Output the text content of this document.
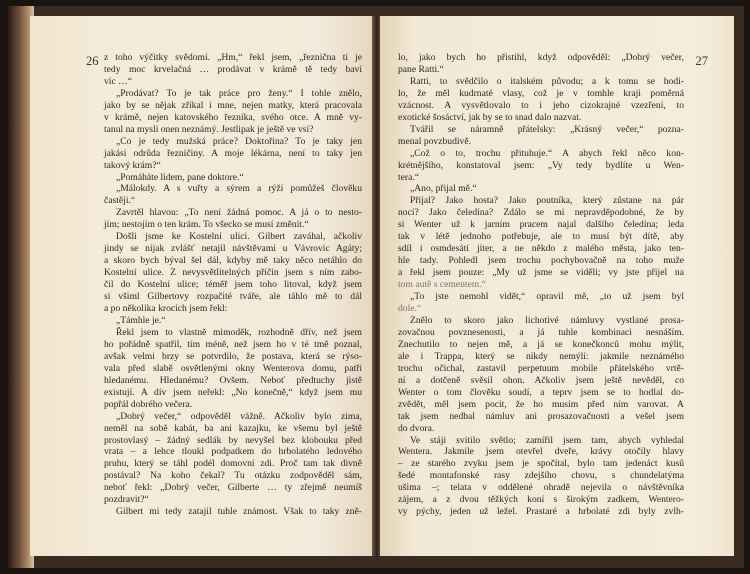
26 z toho výčitky svědomí. „Hm,“ řekl jsem, „řeznična ti je
tedy moc krvelačná … prodávat v krámě tě tedy baví
víc …“
„Prodávat? To je tak práce pro ženy.“ I tohle znělo,
jako by se nějak zříkal i mne, nejen matky, která pracovala
v krámě, nejen katovského řezníka, svého otce. A mně vy-
tanul na mysli onen neznámý. Jestlipak je ještě ve vsi?
„Co je tedy mužská práce? Doktořina? To je taky jen
jakási odrůda řezničiny. A moje lékárna, není to taky jen
takový krám?“
„Pomáháte lidem, pane doktore.“
„Málokdy. A s vuřty a sýrem a rýží pomůžeš člověku
častěji.“
Zavrtěl hlavou: „To není žádná pomoc. A já o to nesto-
jím; nestojím o ten krám. To všecko se musí změnit.“
Došli jsme ke Kostelní ulici. Gilbert zaváhal, ačkoliv
jindy se nijak zvlášť netajil návštěvami u Vávrovic Agáty;
a skoro bych býval šel dál, kdyby mě taky něco netáhlo do
Kostelní ulice. Z nevysvětlitelných příčin jsem s ním zabo-
čil do Kostelní ulice; téměř jsem toho litoval, když jsem
si všiml Gilbertovy rozpačité tváře, ale táhlo mě to dál
a po několika krocích jsem řekl:
„Támhle je.“
Řekl jsem to vlastně mimoděk, rozhodně dřív, než jsem
ho pořádně spatřil, tím méně, než jsem ho v té tmě poznal,
avšak velmi brzy se potvrdilo, že postava, která se rýso-
vala před slabě osvětlenými okny Wenterova domu, patří
hledanému. Hledanému? Ovšem. Neboť předtuchy jistě
existují. A dív jsem neřekl: „No konečně,“ když jsem mu
popřál dobrého večera.
„Dobrý večer,“ odpověděl vážně. Ačkoliv bylo zima,
neměl na sobě kabát, ba ani kazajku, ke všemu byl ještě
prostovlasý – žádný sedlák by nevyšel bez klobouku před
vrata – a lehce tloukl podpatkem do hrbolatého ledového
pruhu, který se táhl podél domovní zdi. Proč tam tak divně
postával? Na koho čekal? Tu otázku zodpověděl sám,
neboť řekl: „Dobrý večer, Gilberte … ty zřejmě neumíš
pozdravit?“
Gilbert mi tedy zatajil tuhle známost. Však to taky zně-
27
lo, jako bych ho přistihl, když odpověděl: „Dobrý večer,
pane Ratti.“
Ratti, to svědčilo o italském původu; a k tomu se hodi-
lo, že měl kudrnaté vlasy, což je v tomhle kraji poměrná
vzácnost. A vysvětlovalo to i jeho cizokrajné vzezření, to
exotické šosáctví, jak by se to snad dalo nazvat.
Tvářil se náramně přátelsky: „Krásný večer,“ pozna-
menal povzbudivě.
„Což o to, trochu přituhuje.“ A abych řekl něco kon-
krétnějšího, konstatoval jsem: „Vy tedy bydlíte u Wen-
tera.“
„Ano, přijal mě.“
Přijal? Jako hosta? Jako poutníka, který zůstane na pár
nocí? Jako čeledína? Zdálo se mi nepravděpodobné, že by
si Wenter už k jarním pracem najal dalšího čeledína; leda
tak v létě jednoho potřebuje, ale to musí být dítě, aby
sdíl i osmdesátí jiter, a ne někdo z malého města, jako ten-
hle tady. Pohledl jsem trochu pochybovačně na toho muže
a řekl jsem pouze: „My už jsme se viděli; vy jste přijel na
tom autě s cementem.“
„To jste nemohl vidět,“ opravil mě, „to už jsem byl
dole.“
Znělo to skoro jako lichotivé námluvy vystlané prosa-
zovačnou povznesenosti, a já tuhle kombinaci nesnáším.
Znechutilo to nejen mě, a já se konečkoncû mohu mýlit,
ale i Trappa, který se nikdy nemýlí: jakmile neznámého
trochu očichal, zastavil perpetuum mobile přátelského vrtě-
ní a dotčeně svěsil ohon. Ačkoliv jsem ještě nevěděl, co
Wenter o tom člověku soudí, a teprv jsem se to hodlal do-
zvědět, měl jsem pocit, že ho musím před ním varovat. A
tak jsem nedbal námluv ani prosazovačnosti a vešel jsem
do dvora.
Ve stáji svítilo světlo; zamířil jsem tam, abych vyhledal
Wentera. Jakmile jsem otevřel dveře, krávy otočily hlavy
– ze starého zvyku jsem je spočítal, bylo tam jedenáct kusů
šedé montafonské rasy zdejšího chovu, s chundelatýma
ušima –; telata v oddělené ohradě nejevila o návštěvníka
zájem, a z dvou těžkých koní s širokým zadkem, Wentero-
vy pýchy, jeden už ležel. Prastaré a hrbolaté zdi byly zvlh-
